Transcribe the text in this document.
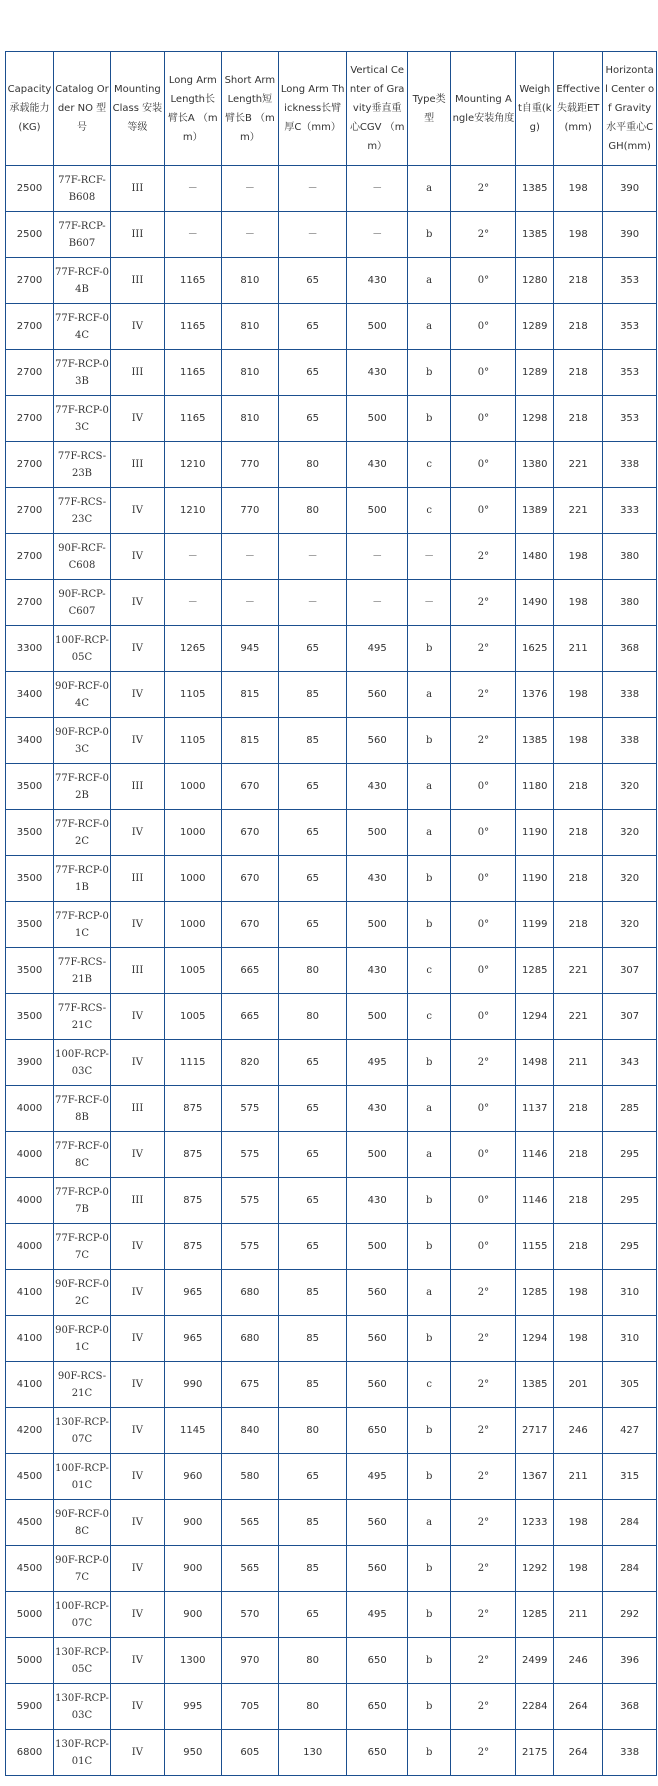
Capacity 承载能力(KG)	Catalog Order NO 型号	Mounting Class 安装等级	Long Arm Length长臂长A （mm）	Short Arm Length短臂长B （mm）	Long Arm Thickness长臂厚C（mm）	Vertical Center of Gravity垂直重心CGV （mm）	Type类型	Mounting Angle安装角度	Weight自重(kg)	Effective 失载距ET(mm)	Horizontal Center of Gravity水平重心CGH(mm)
2500	77F-RCF-B608	III	－	－	－	－	a	2°	1385	198	390
2500	77F-RCP-B607	III	－	－	－	－	b	2°	1385	198	390
2700	77F-RCF-04B	III	1165	810	65	430	a	0°	1280	218	353
2700	77F-RCF-04C	IV	1165	810	65	500	a	0°	1289	218	353
2700	77F-RCP-03B	III	1165	810	65	430	b	0°	1289	218	353
2700	77F-RCP-03C	IV	1165	810	65	500	b	0°	1298	218	353
2700	77F-RCS-23B	III	1210	770	80	430	c	0°	1380	221	338
2700	77F-RCS-23C	IV	1210	770	80	500	c	0°	1389	221	333
2700	90F-RCF-C608	IV	－	－	－	－	－	2°	1480	198	380
2700	90F-RCP-C607	IV	－	－	－	－	－	2°	1490	198	380
3300	100F-RCP-05C	IV	1265	945	65	495	b	2°	1625	211	368
3400	90F-RCF-04C	IV	1105	815	85	560	a	2°	1376	198	338
3400	90F-RCP-03C	IV	1105	815	85	560	b	2°	1385	198	338
3500	77F-RCF-02B	III	1000	670	65	430	a	0°	1180	218	320
3500	77F-RCF-02C	IV	1000	670	65	500	a	0°	1190	218	320
3500	77F-RCP-01B	III	1000	670	65	430	b	0°	1190	218	320
3500	77F-RCP-01C	IV	1000	670	65	500	b	0°	1199	218	320
3500	77F-RCS-21B	III	1005	665	80	430	c	0°	1285	221	307
3500	77F-RCS-21C	IV	1005	665	80	500	c	0°	1294	221	307
3900	100F-RCP-03C	IV	1115	820	65	495	b	2°	1498	211	343
4000	77F-RCF-08B	III	875	575	65	430	a	0°	1137	218	285
4000	77F-RCF-08C	IV	875	575	65	500	a	0°	1146	218	295
4000	77F-RCP-07B	III	875	575	65	430	b	0°	1146	218	295
4000	77F-RCP-07C	IV	875	575	65	500	b	0°	1155	218	295
4100	90F-RCF-02C	IV	965	680	85	560	a	2°	1285	198	310
4100	90F-RCP-01C	IV	965	680	85	560	b	2°	1294	198	310
4100	90F-RCS-21C	IV	990	675	85	560	c	2°	1385	201	305
4200	130F-RCP-07C	IV	1145	840	80	650	b	2°	2717	246	427
4500	100F-RCP-01C	IV	960	580	65	495	b	2°	1367	211	315
4500	90F-RCF-08C	IV	900	565	85	560	a	2°	1233	198	284
4500	90F-RCP-07C	IV	900	565	85	560	b	2°	1292	198	284
5000	100F-RCP-07C	IV	900	570	65	495	b	2°	1285	211	292
5000	130F-RCP-05C	IV	1300	970	80	650	b	2°	2499	246	396
5900	130F-RCP-03C	IV	995	705	80	650	b	2°	2284	264	368
6800	130F-RCP-01C	IV	950	605	130	650	b	2°	2175	264	338
